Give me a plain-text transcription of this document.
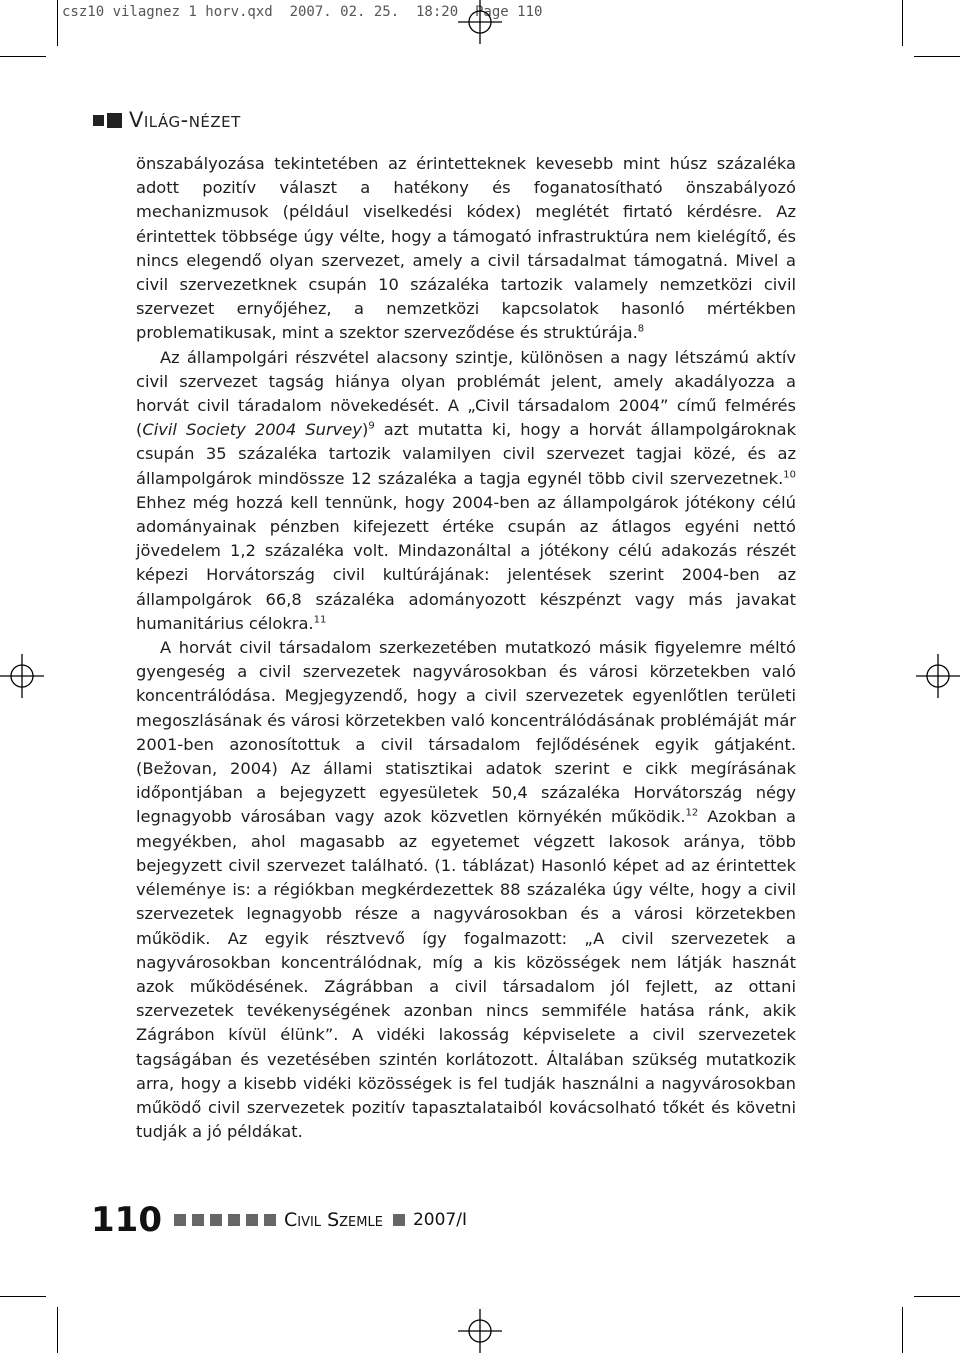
csz10 vilagnez 1 horv.qxd  2007. 02. 25.  18:20  Page 110
Világ-nézet

önszabályozása tekintetében az érintetteknek kevesebb mint húsz százaléka adott pozitív választ a hatékony és foganatosítható önszabályozó mechanizmusok (például viselkedési kódex) meglétét firtató kérdésre. Az érintettek többsége úgy vélte, hogy a támogató infrastruktúra nem kielégítő, és nincs elegendő olyan szervezet, amely a civil társadalmat támogatná. Mivel a civil szervezetknek csupán 10 százaléka tartozik valamely nemzetközi civil szervezet ernyőjéhez, a nemzetközi kapcsolatok hasonló mértékben problematikusak, mint a szektor szerveződése és struktúrája.$^8$

Az állampolgári részvétel alacsony szintje, különösen a nagy létszámú aktív civil szervezet tagság hiánya olyan problémát jelent, amely akadályozza a horvát civil táradalom növekedését. A „Civil társadalom 2004” című felmérés (Civil Society 2004 Survey)$^9$ azt mutatta ki, hogy a horvát állampolgároknak csupán 35 százaléka tartozik valamilyen civil szervezet tagjai közé, és az állampolgárok mindössze 12 százaléka a tagja egynél több civil szervezetnek.$^{10}$ Ehhez még hozzá kell tennünk, hogy 2004-ben az állampolgárok jótékony célú adományainak pénzben kifejezett értéke csupán az átlagos egyéni nettó jövedelem 1,2 százaléka volt. Mindazonáltal a jótékony célú adakozás részét képezi Horvátország civil kultúrájának: jelentések szerint 2004-ben az állampolgárok 66,8 százaléka adományozott készpénzt vagy más javakat humanitárius célokra.$^{11}$

A horvát civil társadalom szerkezetében mutatkozó másik figyelemre méltó gyengeség a civil szervezetek nagyvárosokban és városi körzetekben való koncentrálódása. Megjegyzendő, hogy a civil szervezetek egyenlőtlen területi megoszlásának és városi körzetekben való koncentrálódásának problémáját már 2001-ben azonosítottuk a civil társadalom fejlődésének egyik gátjaként. (Bežovan, 2004) Az állami statisztikai adatok szerint e cikk megírásának időpontjában a bejegyzett egyesületek 50,4 százaléka Horvátország négy legnagyobb városában vagy azok közvetlen környékén működik.$^{12}$ Azokban a megyékben, ahol magasabb az egyetemet végzett lakosok aránya, több bejegyzett civil szervezet található. (1. táblázat) Hasonló képet ad az érintettek véleménye is: a régiókban megkérdezettek 88 százaléka úgy vélte, hogy a civil szervezetek legnagyobb része a nagyvárosokban és a városi körzetekben működik. Az egyik résztvevő így fogalmazott: „A civil szervezetek a nagyvárosokban koncentrálódnak, míg a kis közösségek nem látják hasznát azok működésének. Zágrábban a civil társadalom jól fejlett, az ottani szervezetek tevékenységének azonban nincs semmiféle hatása ránk, akik Zágrábon kívül élünk”. A vidéki lakosság képviselete a civil szervezetek tagságában és vezetésében szintén korlátozott. Általában szükség mutatkozik arra, hogy a kisebb vidéki közösségek is fel tudják használni a nagyvárosokban működő civil szervezetek pozitív tapasztalataiból kovácsolható tőkét és követni tudják a jó példákat.

110	Civil Szemle 2007/I
